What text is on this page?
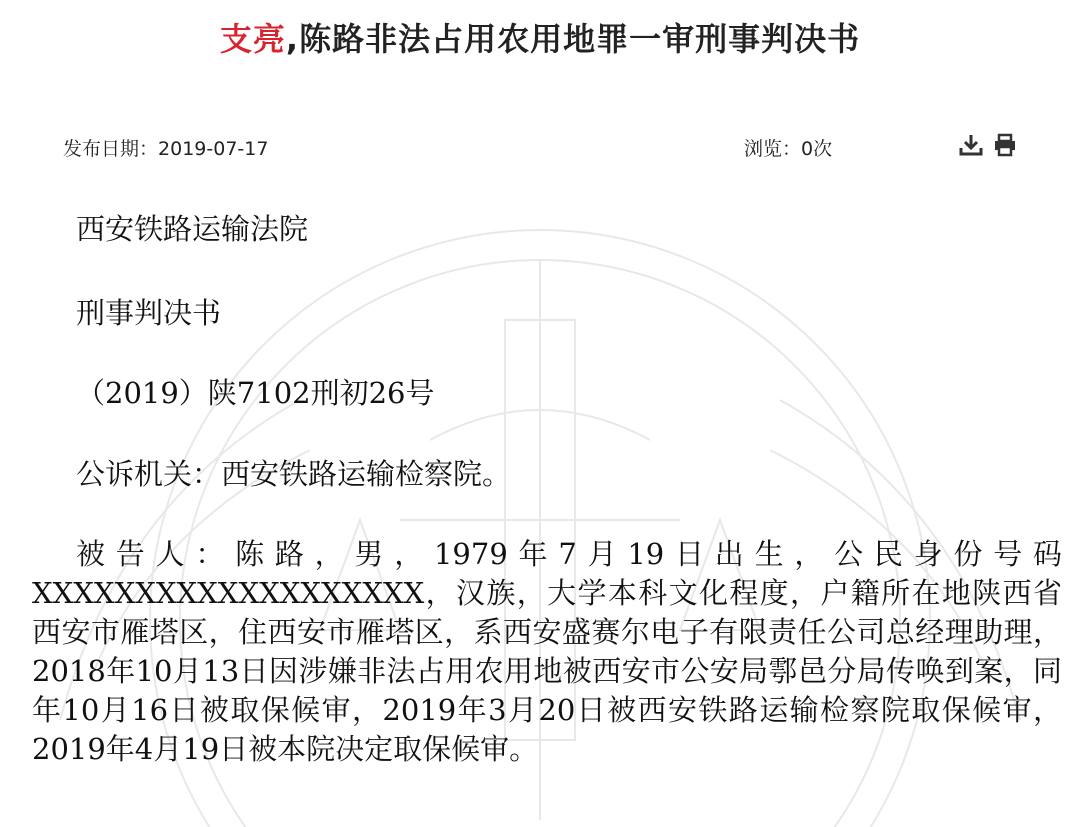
支亮,陈路非法占用农用地罪一审刑事判决书
发布日期：2019-07-17	浏览：0次
西安铁路运输法院
刑事判决书
（2019）陕7102刑初26号
公诉机关：西安铁路运输检察院。
被告人：陈路，男，1979年7月19日出生，公民身份号码XXXXXXXXXXXXXXXXXXX，汉族，大学本科文化程度，户籍所在地陕西省西安市雁塔区，住西安市雁塔区，系西安盛赛尔电子有限责任公司总经理助理，2018年10月13日因涉嫌非法占用农用地被西安市公安局鄠邑分局传唤到案，同年10月16日被取保候审，2019年3月20日被西安铁路运输检察院取保候审，2019年4月19日被本院决定取保候审。
